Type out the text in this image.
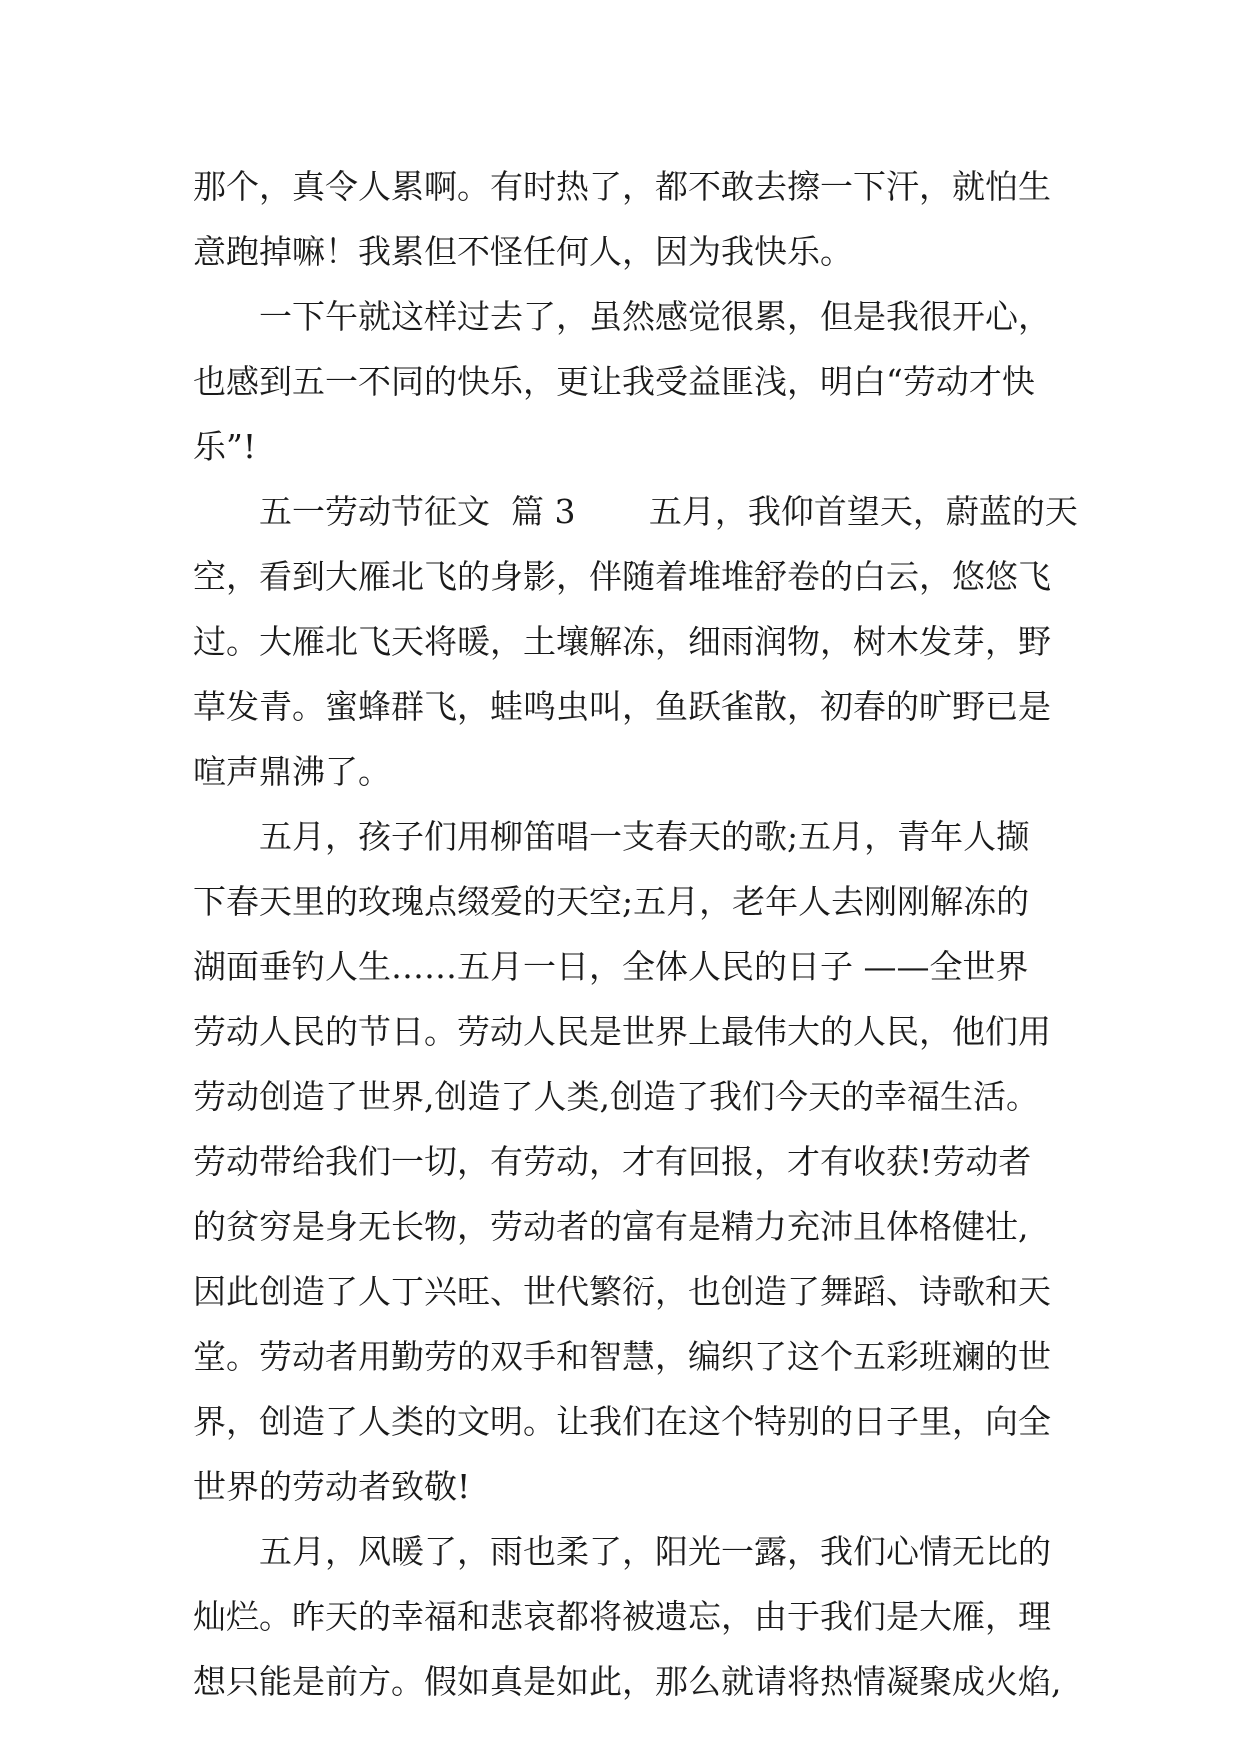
那个，真令人累啊。有时热了，都不敢去擦一下汗，就怕生

意跑掉嘛！我累但不怪任何人，因为我快乐。

一下午就这样过去了，虽然感觉很累，但是我很开心，

也感到五一不同的快乐，更让我受益匪浅，明白“劳动才快

乐”!

五一劳动节征文  篇 3       五月，我仰首望天，蔚蓝的天

空，看到大雁北飞的身影，伴随着堆堆舒卷的白云，悠悠飞

过。大雁北飞天将暖，土壤解冻，细雨润物，树木发芽，野

草发青。蜜蜂群飞，蛙鸣虫叫，鱼跃雀散，初春的旷野已是

喧声鼎沸了。

五月，孩子们用柳笛唱一支春天的歌;五月，青年人撷

下春天里的玫瑰点缀爱的天空;五月，老年人去刚刚解冻的

湖面垂钓人生……五月一日，全体人民的日子 ——全世界

劳动人民的节日。劳动人民是世界上最伟大的人民，他们用

劳动创造了世界,创造了人类,创造了我们今天的幸福生活。

劳动带给我们一切，有劳动，才有回报，才有收获!劳动者

的贫穷是身无长物，劳动者的富有是精力充沛且体格健壮,

因此创造了人丁兴旺、世代繁衍，也创造了舞蹈、诗歌和天

堂。劳动者用勤劳的双手和智慧，编织了这个五彩班斓的世

界，创造了人类的文明。让我们在这个特别的日子里，向全

世界的劳动者致敬!

五月，风暖了，雨也柔了，阳光一露，我们心情无比的

灿烂。昨天的幸福和悲哀都将被遗忘，由于我们是大雁，理

想只能是前方。假如真是如此，那么就请将热情凝聚成火焰,
